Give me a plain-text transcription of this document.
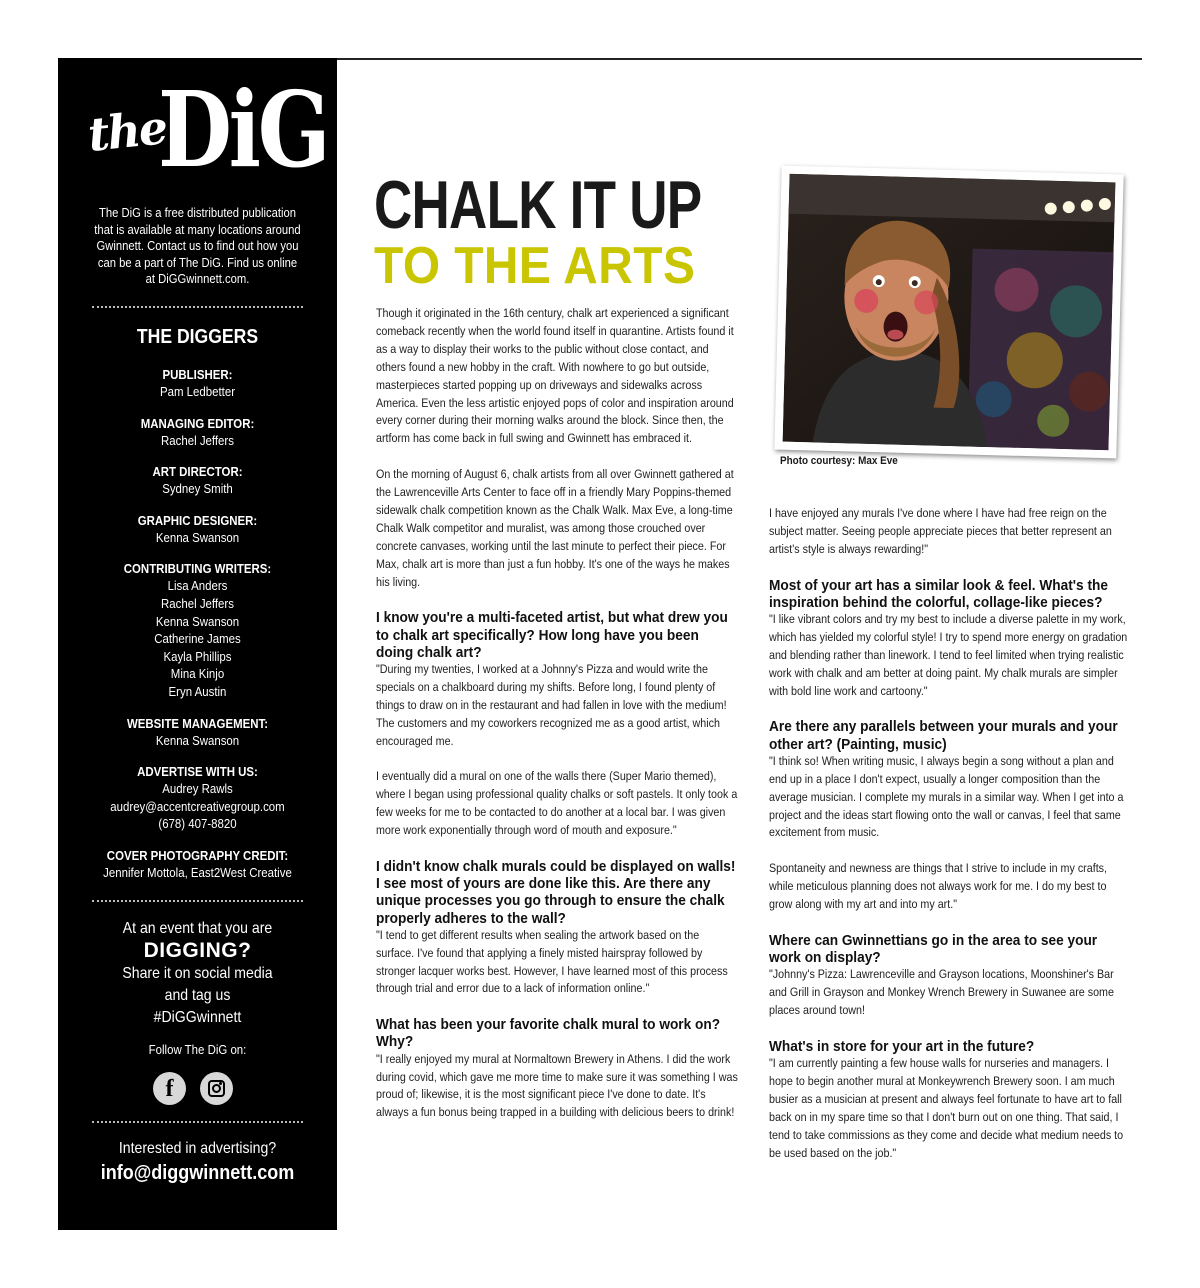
the
DiG
The DiG is a free distributed publication that is available at many locations around Gwinnett. Contact us to find out how you can be a part of The DiG. Find us online at DiGGwinnett.com.
THE DIGGERS
PUBLISHER:
Pam Ledbetter
MANAGING EDITOR:
Rachel Jeffers
ART DIRECTOR:
Sydney Smith
GRAPHIC DESIGNER:
Kenna Swanson
CONTRIBUTING WRITERS:
Lisa Anders
Rachel Jeffers
Kenna Swanson
Catherine James
Kayla Phillips
Mina Kinjo
Eryn Austin
WEBSITE MANAGEMENT:
Kenna Swanson
ADVERTISE WITH US:
Audrey Rawls
audrey@accentcreativegroup.com
(678) 407-8820
COVER PHOTOGRAPHY CREDIT:
Jennifer Mottola, East2West Creative
At an event that you are
DIGGING?
Share it on social media
and tag us
#DiGGwinnett
Follow The DiG on:
f
Interested in advertising?
info@diggwinnett.com
CHALK IT UP
TO THE ARTS
Photo courtesy: Max Eve

Though it originated in the 16th century, chalk art experienced a significant comeback recently when the world found itself in quarantine. Artists found it as a way to display their works to the public without close contact, and others found a new hobby in the craft. With nowhere to go but outside, masterpieces started popping up on driveways and sidewalks across America. Even the less artistic enjoyed pops of color and inspiration around every corner during their morning walks around the block. Since then, the artform has come back in full swing and Gwinnett has embraced it.

On the morning of August 6, chalk artists from all over Gwinnett gathered at the Lawrenceville Arts Center to face off in a friendly Mary Poppins-themed sidewalk chalk competition known as the Chalk Walk. Max Eve, a long-time Chalk Walk competitor and muralist, was among those crouched over concrete canvases, working until the last minute to perfect their piece. For Max, chalk art is more than just a fun hobby. It's one of the ways he makes his living.

I know you're a multi-faceted artist, but what drew you to chalk art specifically? How long have you been doing chalk art?

"During my twenties, I worked at a Johnny's Pizza and would write the specials on a chalkboard during my shifts. Before long, I found plenty of things to draw on in the restaurant and had fallen in love with the medium! The customers and my coworkers recognized me as a good artist, which encouraged me.

I eventually did a mural on one of the walls there (Super Mario themed), where I began using professional quality chalks or soft pastels. It only took a few weeks for me to be contacted to do another at a local bar. I was given more work exponentially through word of mouth and exposure."

I didn't know chalk murals could be displayed on walls! I see most of yours are done like this. Are there any unique processes you go through to ensure the chalk properly adheres to the wall?

"I tend to get different results when sealing the artwork based on the surface. I've found that applying a finely misted hairspray followed by stronger lacquer works best. However, I have learned most of this process through trial and error due to a lack of information online."

What has been your favorite chalk mural to work on? Why?

"I really enjoyed my mural at Normaltown Brewery in Athens. I did the work during covid, which gave me more time to make sure it was something I was proud of; likewise, it is the most significant piece I've done to date. It's always a fun bonus being trapped in a building with delicious beers to drink!

I have enjoyed any murals I've done where I have had free reign on the subject matter. Seeing people appreciate pieces that better represent an artist's style is always rewarding!"

Most of your art has a similar look & feel. What's the inspiration behind the colorful, collage-like pieces?

"I like vibrant colors and try my best to include a diverse palette in my work, which has yielded my colorful style! I try to spend more energy on gradation and blending rather than linework. I tend to feel limited when trying realistic work with chalk and am better at doing paint. My chalk murals are simpler with bold line work and cartoony."

Are there any parallels between your murals and your other art? (Painting, music)

"I think so! When writing music, I always begin a song without a plan and end up in a place I don't expect, usually a longer composition than the average musician. I complete my murals in a similar way. When I get into a project and the ideas start flowing onto the wall or canvas, I feel that same excitement from music.

Spontaneity and newness are things that I strive to include in my crafts, while meticulous planning does not always work for me. I do my best to grow along with my art and into my art."

Where can Gwinnettians go in the area to see your work on display?

"Johnny's Pizza: Lawrenceville and Grayson locations, Moonshiner's Bar and Grill in Grayson and Monkey Wrench Brewery in Suwanee are some places around town!

What's in store for your art in the future?

"I am currently painting a few house walls for nurseries and managers. I hope to begin another mural at Monkeywrench Brewery soon. I am much busier as a musician at present and always feel fortunate to have art to fall back on in my spare time so that I don't burn out on one thing. That said, I tend to take commissions as they come and decide what medium needs to be used based on the job."
